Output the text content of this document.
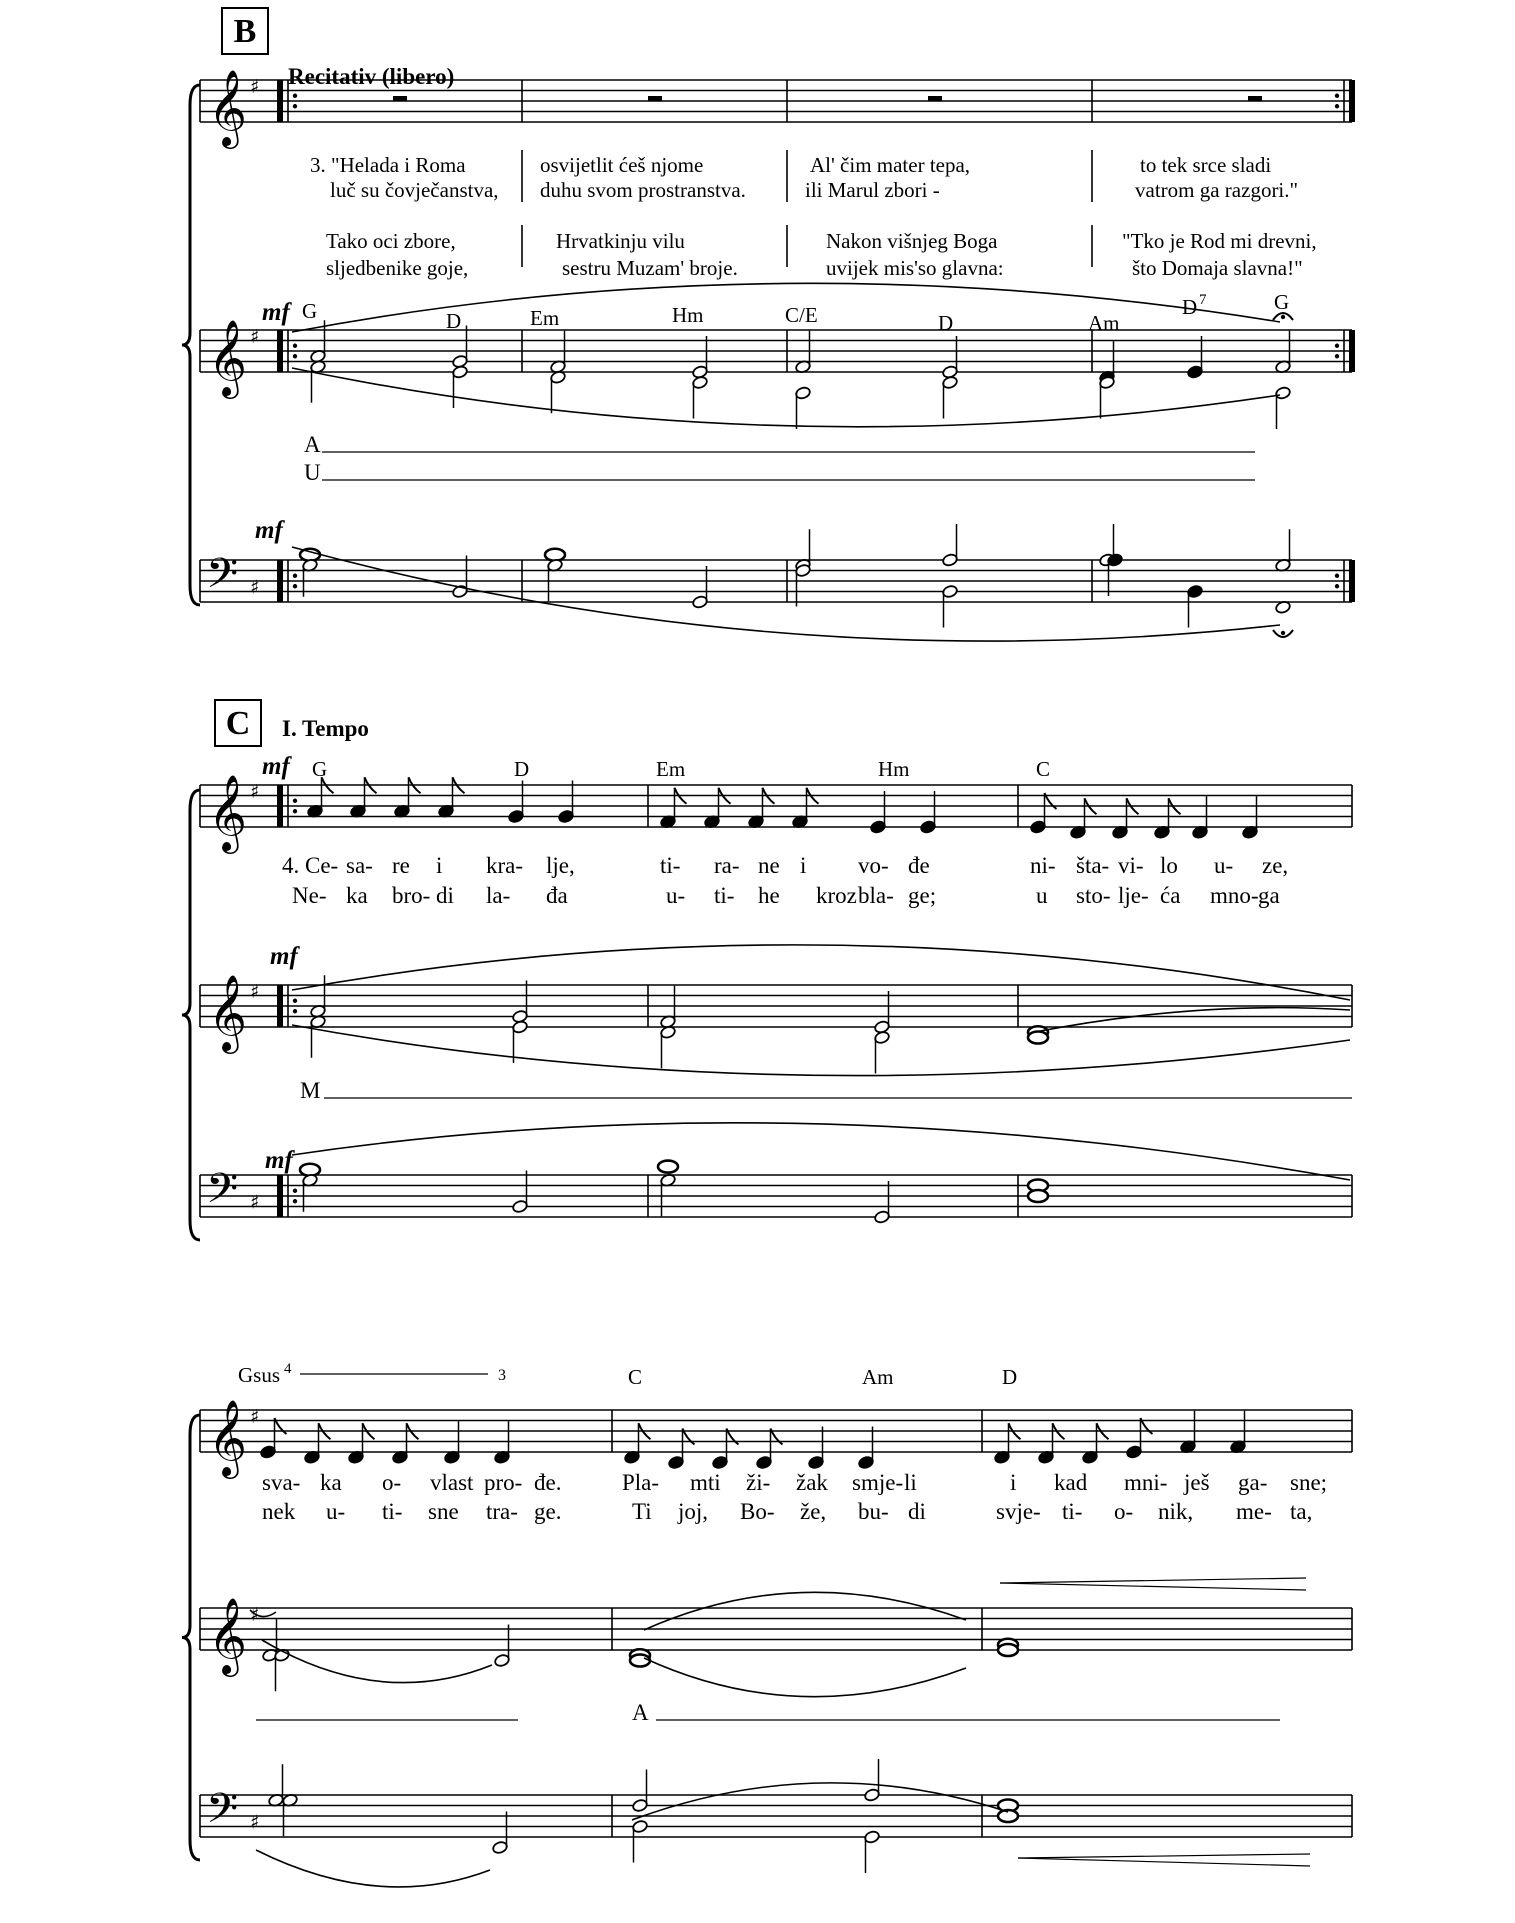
𝄞 ♯
𝄞 ♯
𝄢 ♯
𝄞 ♯
𝄞 ♯
𝄢 ♯
𝄞 ♯
𝄞 ♯
𝄢 ♯
B
Recitativ (libero)
3. "Helada i Roma	osvijetlit ćeš njome	Al' čim mater tepa,	to tek srce sladi
luč su čovječanstva, duhu svom prostranstva.	ili Marul zbori -	vatrom ga razgori."
Tako oci zbore,	Hrvatkinju vilu	Nakon višnjeg Boga	"Tko je Rod mi drevni,
sljedbenike goje,	sestru Muzam' broje.	uvijek mis'so glavna:	što Domaja slavna!"
mf
mf
G	D	Em	Hm	C/E	D	Am
D 7	G
A
U
C I. Tempo
mf
mf
mf
G	D	Em	Hm	C
4. Ce- sa- re i kra- lje,	ti- ra- ne i vo- đe	ni- šta- vi- lo u- ze,
Ne- ka bro- di la- đa	u- ti- he kroz bla- ge;	u sto- lje- ća mno- ga
M
Gsus 4	3	C	Am	D
sva- ka o- vlast pro- đe.	Pla- mti ži- žak smje- li	i kad mni- ješ ga- sne;
nek u- ti- sne tra- ge.	Ti joj, Bo- že, bu- di	svje- ti- o- nik, me- ta,
A
